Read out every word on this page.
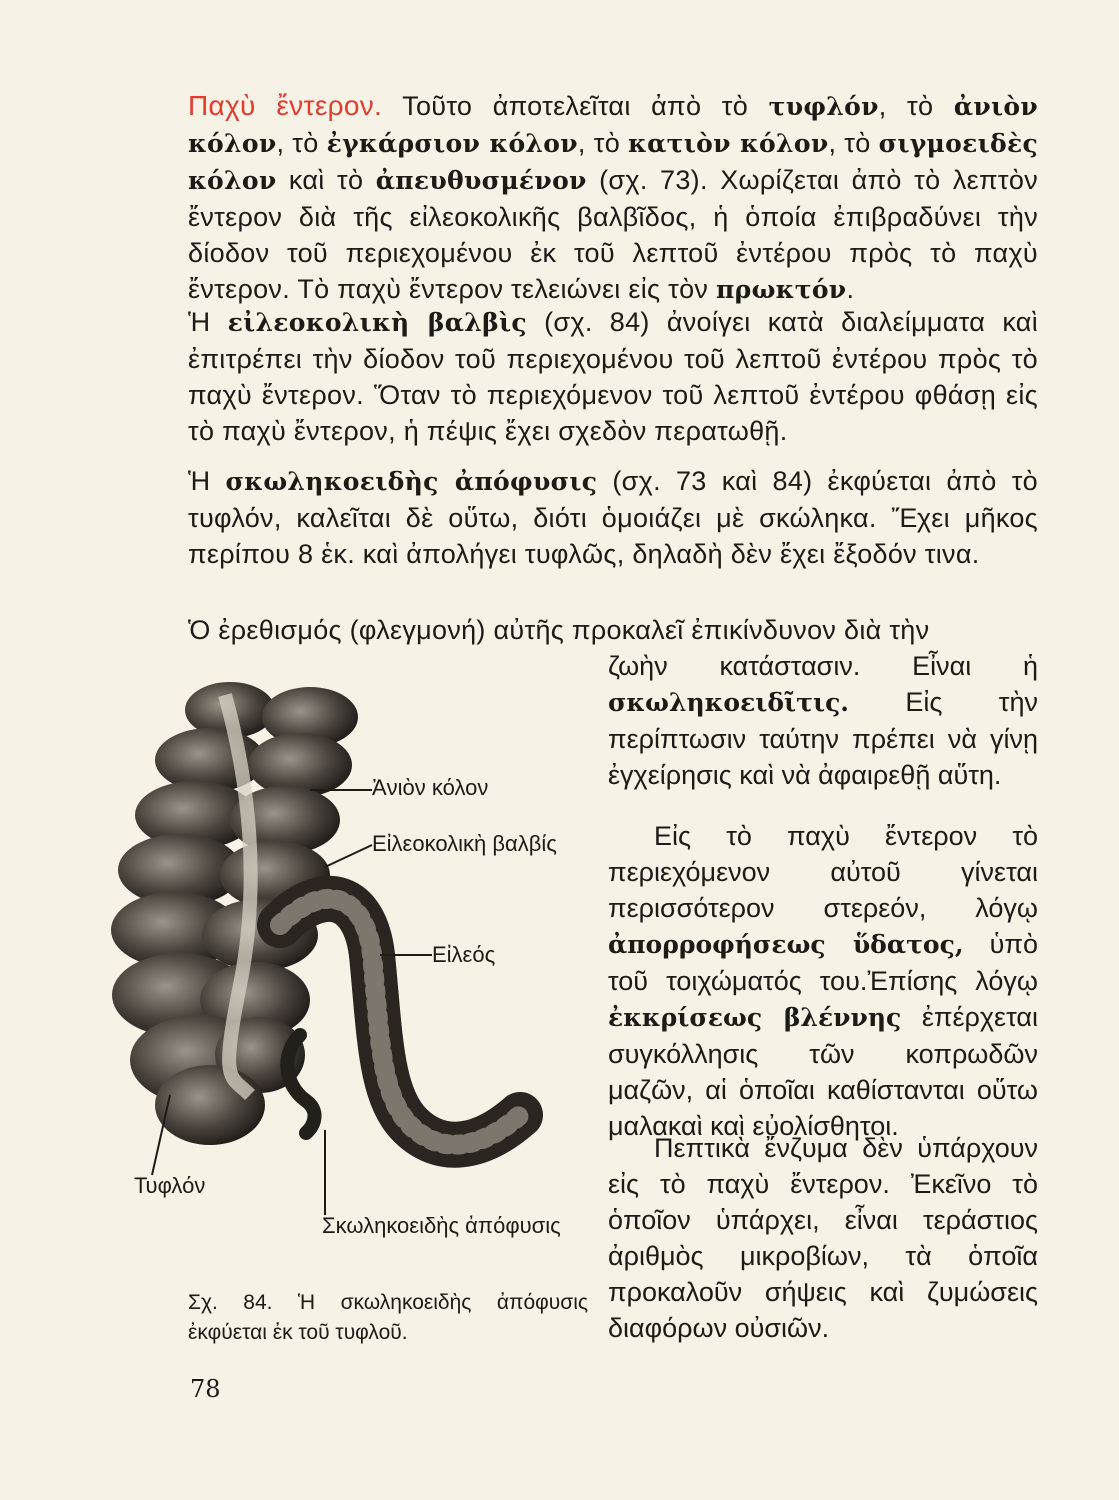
Παχὺ ἔντερον. Τοῦτο ἀποτελεῖται ἀπὸ τὸ τυφλόν, τὸ ἀνιὸν κόλον, τὸ ἐγκάρσιον κόλον, τὸ κατιὸν κόλον, τὸ σιγμοειδὲς κόλον καὶ τὸ ἀπευθυσμένον (σχ. 73). Χωρίζεται ἀπὸ τὸ λεπτὸν ἔντερον διὰ τῆς εἰλεοκολικῆς βαλβῖδος, ἡ ὁποία ἐπιβραδύνει τὴν δίοδον τοῦ περιεχομένου ἐκ τοῦ λεπτοῦ ἐντέρου πρὸς τὸ παχὺ ἔντερον. Τὸ παχὺ ἔντερον τελειώνει εἰς τὸν πρωκτόν.
Ἡ εἰλεοκολικὴ βαλβὶς (σχ. 84) ἀνοίγει κατὰ διαλείμματα καὶ ἐπιτρέπει τὴν δίοδον τοῦ περιεχομένου τοῦ λεπτοῦ ἐντέρου πρὸς τὸ παχὺ ἔντερον. Ὅταν τὸ περιεχόμενον τοῦ λεπτοῦ ἐντέρου φθάσῃ εἰς τὸ παχὺ ἔντερον, ἡ πέψις ἔχει σχεδὸν περατωθῇ.
Ἡ σκωληκοειδὴς ἀπόφυσις (σχ. 73 καὶ 84) ἐκφύεται ἀπὸ τὸ τυφλόν, καλεῖται δὲ οὕτω, διότι ὁμοιάζει μὲ σκώληκα. Ἔχει μῆκος περίπου 8 ἑκ. καὶ ἀπολήγει τυφλῶς, δηλαδὴ δὲν ἔχει ἔξοδόν τινα.
Ὁ ἐρεθισμός (φλεγμονή) αὐτῆς προκαλεῖ ἐπικίνδυνον διὰ τὴν
ζωὴν κατάστασιν. Εἶναι ἡ σκωληκοειδῖτις. Εἰς τὴν περίπτωσιν ταύτην πρέπει νὰ γίνῃ ἐγχείρησις καὶ νὰ ἀφαιρεθῇ αὕτη.
Εἰς τὸ παχὺ ἔντερον τὸ περιεχόμενον αὐτοῦ γίνεται περισσότερον στερεόν, λόγῳ ἀπορροφήσεως ὕδατος, ὑπὸ τοῦ τοιχώματός του.Ἐπίσης λόγῳ ἐκκρίσεως βλέννης ἐπέρχεται συγκόλλησις τῶν κοπρωδῶν μαζῶν, αἱ ὁποῖαι καθίστανται οὕτω μαλακαὶ καὶ εὐολίσθητοι.
Πεπτικὰ ἔνζυμα δὲν ὑπάρχουν εἰς τὸ παχὺ ἔντερον. Ἐκεῖνο τὸ ὁποῖον ὑπάρχει, εἶναι τεράστιος ἀριθμὸς μικροβίων, τὰ ὁποῖα προκαλοῦν σήψεις καὶ ζυμώσεις διαφόρων οὐσιῶν.
Ἀνιὸν κόλον
Εἰλεοκολικὴ βαλβίς
Εἰλεός
Τυφλόν
Σκωληκοειδὴς ἀπόφυσις
Σχ. 84. Ἡ σκωληκοειδὴς ἀπόφυσις ἐκφύεται ἐκ τοῦ τυφλοῦ.
78
